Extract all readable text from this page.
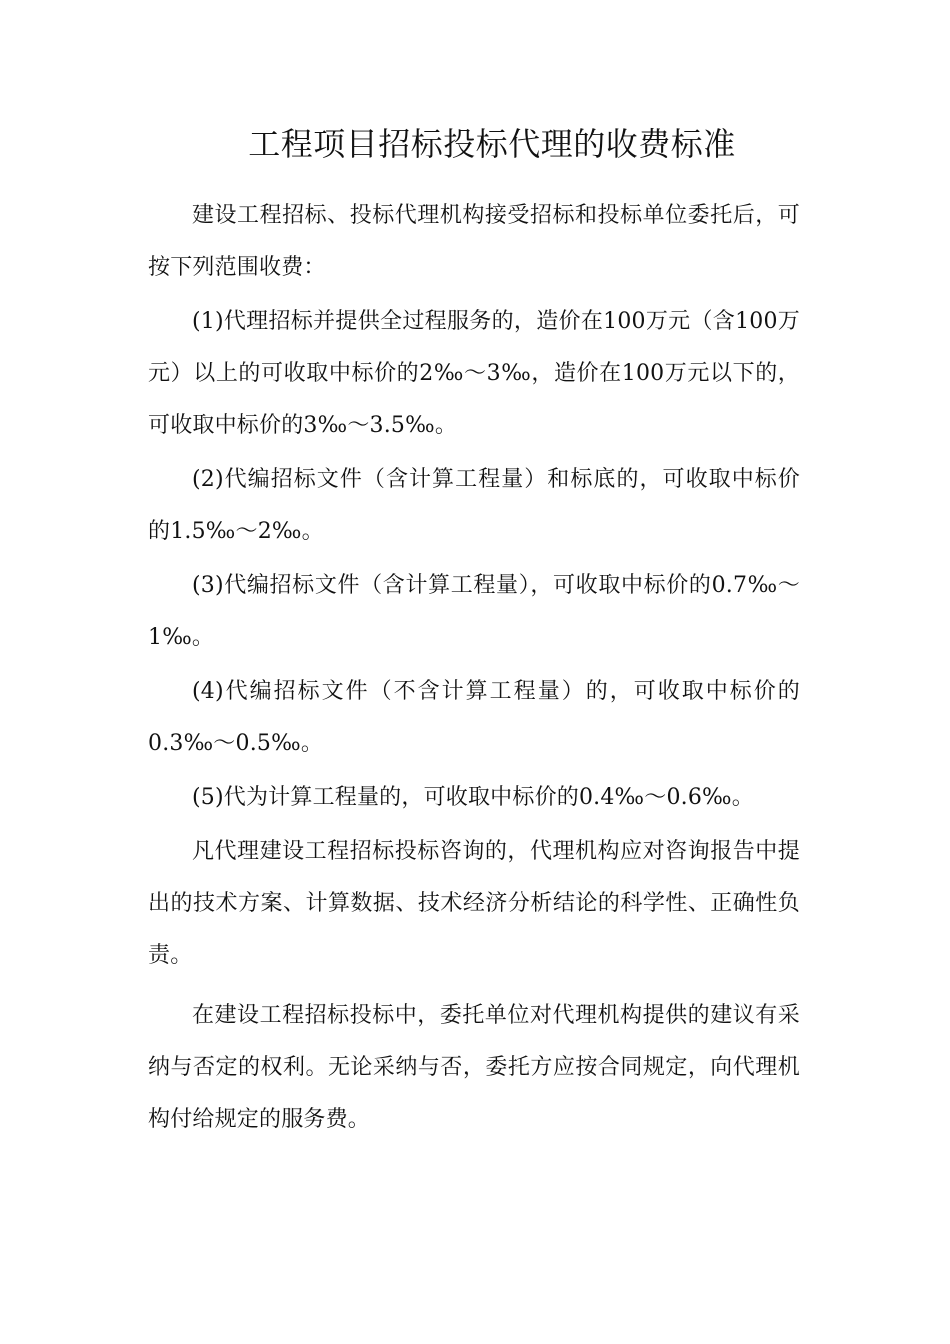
工程项目招标投标代理的收费标准

建设工程招标、投标代理机构接受招标和投标单位委托后，可按下列范围收费：

(1)代理招标并提供全过程服务的，造价在100万元（含100万元）以上的可收取中标价的2‰～3‰，造价在100万元以下的，可收取中标价的3‰～3.5‰。

(2)代编招标文件（含计算工程量）和标底的，可收取中标价的1.5‰～2‰。

(3)代编招标文件（含计算工程量），可收取中标价的0.7‰～1‰。

(4)代编招标文件（不含计算工程量）的，可收取中标价的0.3‰～0.5‰。

(5)代为计算工程量的，可收取中标价的0.4‰～0.6‰。

凡代理建设工程招标投标咨询的，代理机构应对咨询报告中提出的技术方案、计算数据、技术经济分析结论的科学性、正确性负责。

在建设工程招标投标中，委托单位对代理机构提供的建议有采纳与否定的权利。无论采纳与否，委托方应按合同规定，向代理机构付给规定的服务费。
